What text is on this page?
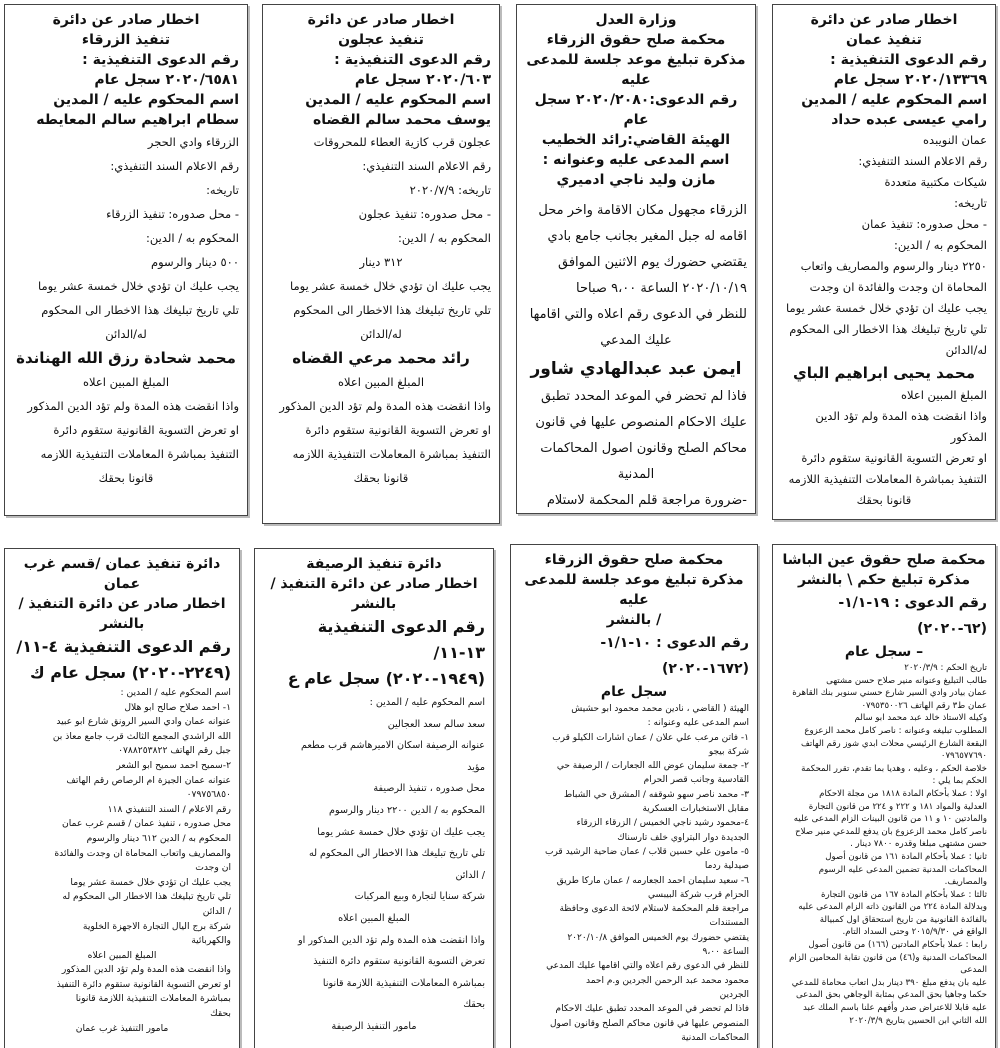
اخطار صادر عن دائرة
تنفيذ عمان
رقم الدعوى التنفيذية :
٢٠٢٠/١٣٣٦٩ سجل عام
اسم المحكوم عليه / المدين
رامي عيسى عبده حداد
عمان النويبده
رقم الاعلام السند التنفيذي:
شيكات مكتبية متعددة
تاريخه:
- محل صدوره: تنفيذ عمان
المحكوم به / الدين:
٢٢٥٠ دينار والرسوم والمصاريف واتعاب
المحاماة ان وجدت والفائدة ان وجدت
يجب عليك ان تؤدي خلال خمسة عشر يوما
تلي تاريخ تبليغك هذا الاخطار الى المحكوم
له/الدائن
محمد يحيى ابراهيم الباي
المبلغ المبين اعلاه
واذا انقضت هذه المدة ولم تؤد الدين المذكور
او تعرض التسوية القانونية ستقوم دائرة
التنفيذ بمباشرة المعاملات التنفيذية اللازمه
قانونا بحقك
وزارة العدل
محكمة صلح حقوق الزرقاء
مذكرة تبليغ موعد جلسة للمدعى عليه
رقم الدعوى:٢٠٢٠/٢٠٨٠ سجل عام
الهيئة القاضي:رائد الخطيب
اسم المدعى عليه وعنوانه :
مازن وليد ناجي ادميري
الزرقاء مجهول مكان الاقامة واخر محل
اقامه له جبل المغير بجانب جامع بادي
يقتضي حضورك يوم الاثنين الموافق
٢٠٢٠/١٠/١٩ الساعة ٩،٠٠ صباحا
للنظر في الدعوى رقم اعلاه والتي اقامها
عليك المدعي
ايمن عبد عبدالهادي شاور
فاذا لم تحضر في الموعد المحدد تطبق
عليك الاحكام المنصوص عليها في قانون
محاكم الصلح وقانون اصول المحاكمات
المدنية
-ضرورة مراجعة قلم المحكمة لاستلام
اخطار صادر عن دائرة
تنفيذ عجلون
رقم الدعوى التنفيذية :
٢٠٢٠/٦٠٣ سجل عام
اسم المحكوم عليه / المدين
يوسف محمد سالم القضاه
عجلون قرب كازية العطاء للمحروقات
رقم الاعلام السند التنفيذي:
تاريخه: ٢٠٢٠/٧/٩
- محل صدوره: تنفيذ عجلون
المحكوم به / الدين:
٣١٢ دينار
يجب عليك ان تؤدي خلال خمسة عشر يوما
تلي تاريخ تبليغك هذا الاخطار الى المحكوم
له/الدائن
رائد محمد مرعي القضاه
المبلغ المبين اعلاه
واذا انقضت هذه المدة ولم تؤد الدين المذكور
او تعرض التسوية القانونية ستقوم دائرة
التنفيذ بمباشرة المعاملات التنفيذية اللازمه
قانونا بحقك
اخطار صادر عن دائرة
تنفيذ الزرقاء
رقم الدعوى التنفيذية :
٢٠٢٠/٦٥٨١ سجل عام
اسم المحكوم عليه / المدين
سطام ابراهيم سالم المعايطه
الزرقاء وادي الحجر
رقم الاعلام السند التنفيذي:
تاريخه:
- محل صدوره: تنفيذ الزرقاء
المحكوم به / الدين:
٥٠٠ دينار والرسوم
يجب عليك ان تؤدي خلال خمسة عشر يوما
تلي تاريخ تبليغك هذا الاخطار الى المحكوم
له/الدائن
محمد شحادة رزق الله الهناندة
المبلغ المبين اعلاه
واذا انقضت هذه المدة ولم تؤد الدين المذكور
او تعرض التسوية القانونية ستقوم دائرة
التنفيذ بمباشرة المعاملات التنفيذية اللازمه
قانونا بحقك
محكمة صلح حقوق عين الباشا
مذكرة تبليغ حكم \ بالنشر
رقم الدعوى : ١٩-١/١-(٦٢-٢٠٢٠)
– سجل عام
تاريخ الحكم : ٢٠٢٠/٣/٩
طالب التبليغ وعنوانه منير صلاح حسن مشتهى
عمان بيادر وادي السير شارع حسني سنوبر بنك القاهرة
عمان ط٣ رقم الهاتف ٠٧٩٥٣٥٠٠٢٦
وكيله الاستاذ خالد عبد محمد ابو سالم
المطلوب تبليغه وعنوانه : ناصر كامل محمد الزعزوع
البقعة الشارع الرئيسي محلات ابدي شوز رقم الهاتف
٠٧٩٦٥٧٧٦٩٠
خلاصة الحكم ، وعليه ، وهديا بما تقدم، تقرر المحكمة
الحكم بما يلي :
اولا : عملا بأحكام المادة ١٨١٨ من مجلة الاحكام
العدلية والمواد ١٨١ و ٢٢٢ و ٢٢٤ من قانون التجارة
والمادتين ١٠ و ١١ من قانون البينات الزام المدعى عليه
ناصر كامل محمد الزعزوع بان يدفع للمدعي منير صلاح
حسن مشتهى مبلغا وقدره ٧٨٠٠ دينار .
ثانيا : عملا بأحكام المادة ١٦١ من قانون أصول
المحاكمات المدنية تضمين المدعى عليه الرسوم
والمصاريف.
ثالثا : عملا بأحكام المادة ١٦٧ من قانون التجارة
وبدلالة المادة ٢٢٤ من القانون ذاته الزام المدعى عليه
بالفائدة القانونية من تاريخ استحقاق اول كمبيالة
الواقع في ٢٠١٥/٩/٣٠ وحتى السداد التام.
رابعا : عملا بأحكام المادتين (١٦٦) من قانون أصول
المحاكمات المدنية و(٤٦) من قانون نقابة المحامين الزام المدعى
عليه بان يدفع مبلغ ٣٩٠ دينار بدل اتعاب محاماة للمدعي
حكما وجاهيا بحق المدعي بمثابة الوجاهي بحق المدعى
عليه قابلا للاعتراض صدر وأفهم علنا باسم الملك عبد
الله الثاني ابن الحسين بتاريخ ٢٠٢٠/٣/٩
محكمة صلح حقوق الزرقاء
مذكرة تبليغ موعد جلسة للمدعى عليه
/ بالنشر
رقم الدعوى : ١٠-١/١-(١٦٧٢-٢٠٢٠)
سجل عام
الهيئة ( القاضي ، نادين محمد محمود ابو حشيش
اسم المدعى عليه وعنوانه :
١- فاتن مرعب علي علان / عمان اشارات الكيلو قرب
شركة بيجو
٢- جمعة سليمان عوض الله الجعارات / الرصيفة حي
القادسية وجانب قصر الحرام
٣- محمد ناصر سهو شوقفه / المشرق حي الشباط
مقابل الاستخبارات العسكرية
٤-محمود رشيد ناجي الخميس / الزرقاء الزرقاء
الجديدة دوار البتراوي خلف تارسناك
٥- مامون علي حسين قلاب / عمان ضاحية الرشيد قرب
صيدلية ردما
٦- سعيد سليمان احمد الجعارمه / عمان ماركا طريق
الحزام قرب شركة البيبسي
مراجعة قلم المحكمة لاستلام لائحة الدعوى وحافظة
المستندات
يقتضي حضورك يوم الخميس الموافق ٢٠٢٠/١٠/٨
الساعة ٩،٠٠
للنظر في الدعوى رقم اعلاه والتي اقامها عليك المدعي
محمود محمد عبد الرحمن الجردين و.م احمد
الجردين
فاذا لم تحضر في الموعد المحدد تطبق عليك الاحكام
المنصوص عليها في قانون محاكم الصلح وقانون اصول
المحاكمات المدنية
دائرة تنفيذ الرصيفة
اخطار صادر عن دائرة التنفيذ / بالنشر
رقم الدعوى التنفيذية ١٣-١١/
(١٩٤٩-٢٠٢٠) سجل عام ع
اسم المحكوم عليه / المدين :
سعد سالم سعد العجالين
عنوانه الرصيفة اسكان الاميرهاشم قرب مطعم
مؤيد
محل صدوره ، تنفيذ الرصيفة
المحكوم به / الدين ٢٢٠٠ دينار والرسوم
يجب عليك ان تؤدي خلال خمسة عشر يوما
تلي تاريخ تبليغك هذا الاخطار الى المحكوم له
/ الدائن
شركة سنايا لتجارة وبيع المركبات
المبلغ المبين اعلاه
واذا انقضت هذه المدة ولم تؤد الدين المذكور او
تعرض التسوية القانونية ستقوم دائرة التنفيذ
بمباشرة المعاملات التنفيذية اللازمة قانونا
بحقك
مامور التنفيذ الرصيفة
دائرة تنفيذ عمان /قسم غرب عمان
اخطار صادر عن دائرة التنفيذ / بالنشر
رقم الدعوى التنفيذية ٤-١١/
(٢٢٤٩-٢٠٢٠) سجل عام ك
اسم المحكوم عليه / المدين :
١- احمد صلاح صالح ابو هلال
عنوانه عمان وادي السير الرونق شارع ابو عبيد
الله الراشدي المجمع الثالث قرب جامع معاذ بن
جبل رقم الهاتف ٠٧٨٨٢٥٣٨٢٢
٢-سميح احمد سميح ابو الشعر
عنوانه عمان الجيزة ام الرصاص رقم الهاتف
٠٧٩٧٥٦٨٥٠
رقم الاعلام / السند التنفيذي ١١٨
محل صدوره ، تنفيذ عمان / قسم غرب عمان
المحكوم به / الدين ٦١٢ دينار والرسوم
والمصاريف واتعاب المحاماة ان وجدت والفائدة
ان وجدت
يجب عليك ان تؤدي خلال خمسة عشر يوما
تلي تاريخ تبليغك هذا الاخطار الى المحكوم له
/ الدائن
شركة برج اليال التجارة الاجهزة الخلوية
والكهربائية
المبلغ المبين اعلاه
واذا انقضت هذه المدة ولم تؤد الدين المذكور
او تعرض التسوية القانونية ستقوم دائرة التنفيذ
بمباشرة المعاملات التنفيذية اللازمة قانونا
بحقك
مامور التنفيذ غرب عمان
